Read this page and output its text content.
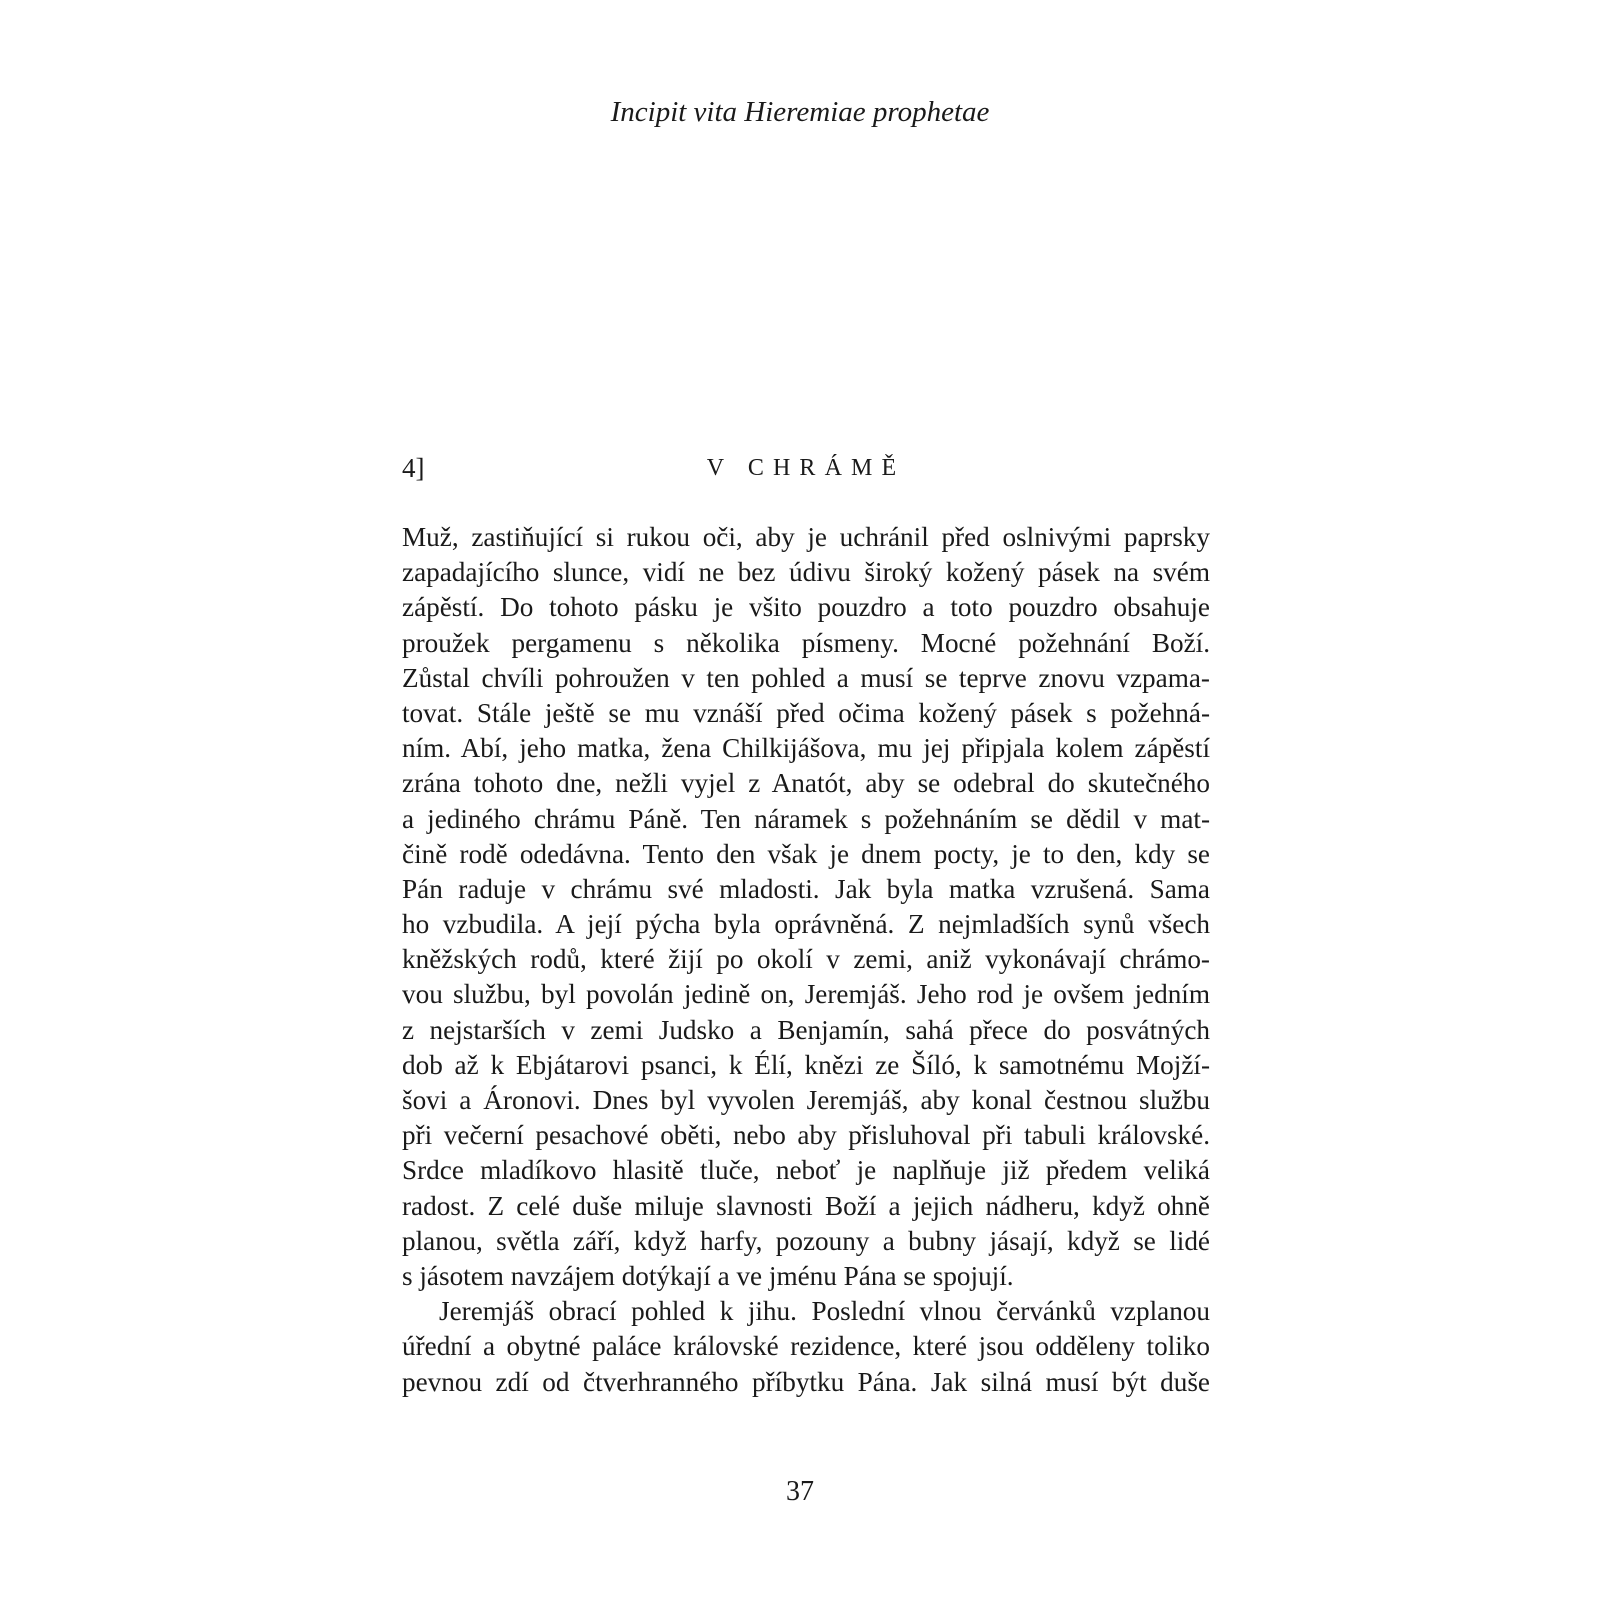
Incipit vita Hieremiae prophetae
4]	V CHRÁMĚ
Muž, zastiňující si rukou oči, aby je uchránil před oslnivými paprsky
zapadajícího slunce, vidí ne bez údivu široký kožený pásek na svém
zápěstí. Do tohoto pásku je všito pouzdro a toto pouzdro obsahuje
proužek pergamenu s několika písmeny. Mocné požehnání Boží.
Zůstal chvíli pohroužen v ten pohled a musí se teprve znovu vzpama-
tovat. Stále ještě se mu vznáší před očima kožený pásek s požehná-
ním. Abí, jeho matka, žena Chilkijášova, mu jej připjala kolem zápěstí
zrána tohoto dne, nežli vyjel z Anatót, aby se odebral do skutečného
a jediného chrámu Páně. Ten náramek s požehnáním se dědil v mat-
čině rodě odedávna. Tento den však je dnem pocty, je to den, kdy se
Pán raduje v chrámu své mladosti. Jak byla matka vzrušená. Sama
ho vzbudila. A její pýcha byla oprávněná. Z nejmladších synů všech
kněžských rodů, které žijí po okolí v zemi, aniž vykonávají chrámo-
vou službu, byl povolán jedině on, Jeremjáš. Jeho rod je ovšem jedním
z nejstarších v zemi Judsko a Benjamín, sahá přece do posvátných
dob až k Ebjátarovi psanci, k Élí, knězi ze Šíló, k samotnému Mojží-
šovi a Áronovi. Dnes byl vyvolen Jeremjáš, aby konal čestnou službu
při večerní pesachové oběti, nebo aby přisluhoval při tabuli královské.
Srdce mladíkovo hlasitě tluče, neboť je naplňuje již předem veliká
radost. Z celé duše miluje slavnosti Boží a jejich nádheru, když ohně
planou, světla září, když harfy, pozouny a bubny jásají, když se lidé
s jásotem navzájem dotýkají a ve jménu Pána se spojují.
Jeremjáš obrací pohled k jihu. Poslední vlnou červánků vzplanou
úřední a obytné paláce královské rezidence, které jsou odděleny toliko
pevnou zdí od čtverhranného příbytku Pána. Jak silná musí být duše
37
